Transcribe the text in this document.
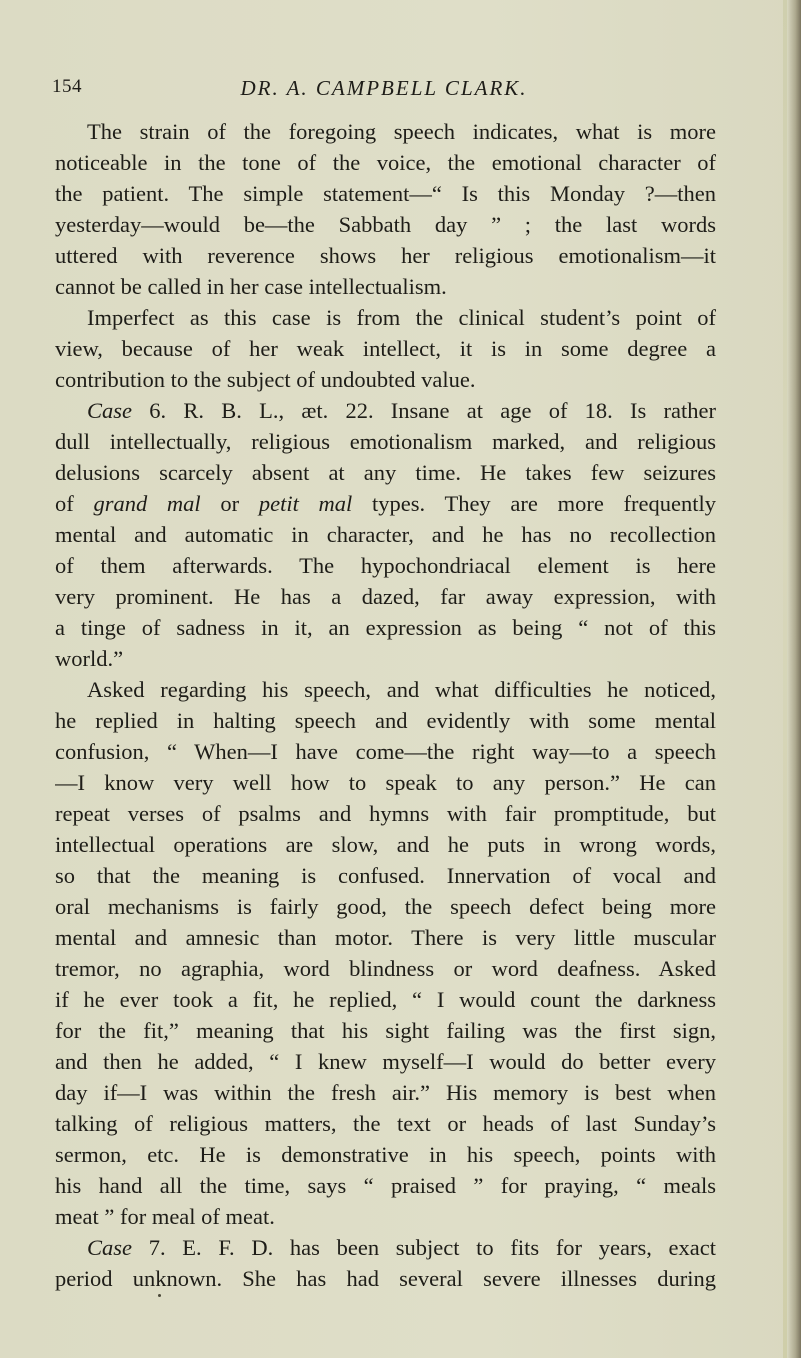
154	DR. A. CAMPBELL CLARK.
The strain of the foregoing speech indicates, what is more
noticeable in the tone of the voice, the emotional character of
the patient. The simple statement—“ Is this Monday ?—then
yesterday—would be—the Sabbath day ” ; the last words
uttered with reverence shows her religious emotionalism—it
cannot be called in her case intellectualism.
Imperfect as this case is from the clinical student’s point of
view, because of her weak intellect, it is in some degree a
contribution to the subject of undoubted value.
Case 6. R. B. L., æt. 22. Insane at age of 18. Is rather
dull intellectually, religious emotionalism marked, and religious
delusions scarcely absent at any time. He takes few seizures
of grand mal or petit mal types. They are more frequently
mental and automatic in character, and he has no recollection
of them afterwards. The hypochondriacal element is here
very prominent. He has a dazed, far away expression, with
a tinge of sadness in it, an expression as being “ not of this
world.”
Asked regarding his speech, and what difficulties he noticed,
he replied in halting speech and evidently with some mental
confusion, “ When—I have come—the right way—to a speech
—I know very well how to speak to any person.” He can
repeat verses of psalms and hymns with fair promptitude, but
intellectual operations are slow, and he puts in wrong words,
so that the meaning is confused. Innervation of vocal and
oral mechanisms is fairly good, the speech defect being more
mental and amnesic than motor. There is very little muscular
tremor, no agraphia, word blindness or word deafness. Asked
if he ever took a fit, he replied, “ I would count the darkness
for the fit,” meaning that his sight failing was the first sign,
and then he added, “ I knew myself—I would do better every
day if—I was within the fresh air.” His memory is best when
talking of religious matters, the text or heads of last Sunday’s
sermon, etc. He is demonstrative in his speech, points with
his hand all the time, says “ praised ” for praying, “ meals
meat ” for meal of meat.
Case 7. E. F. D. has been subject to fits for years, exact
period unknown. She has had several severe illnesses during
